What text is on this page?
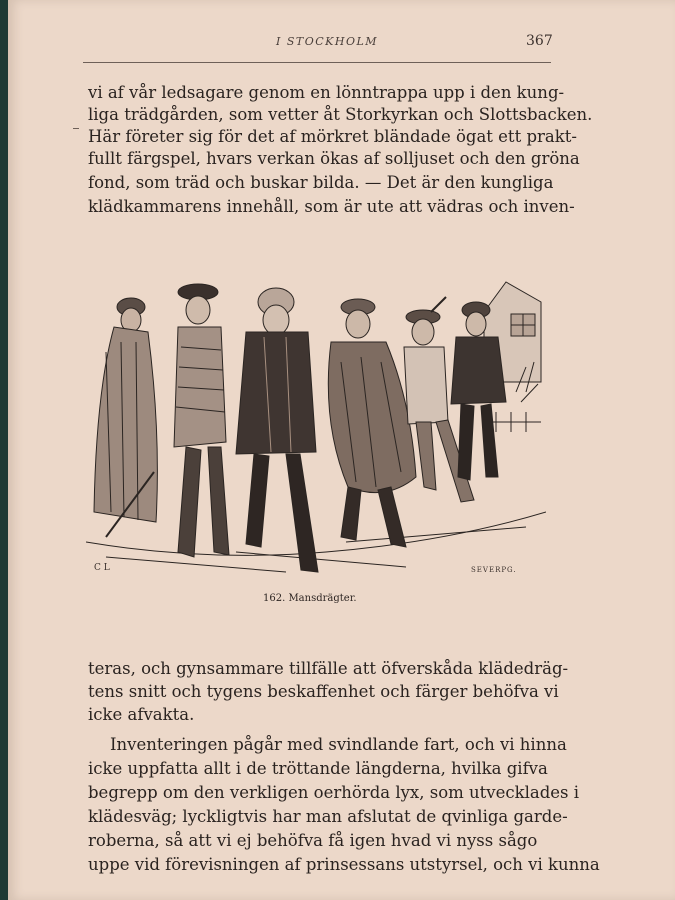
I STOCKHOLM	367
vi af vår ledsagare genom en lönntrappa upp i den kung-
liga trädgården, som vetter åt Storkyrkan och Slottsbacken.
Här företer sig för det af mörkret bländade ögat ett prakt-
fullt färgspel, hvars verkan ökas af solljuset och den gröna
fond, som träd och buskar bilda. — Det är den kungliga
klädkammarens innehåll, som är ute att vädras och inven-
C L	SEVERPG.
162. Mansdrägter.
teras, och gynsammare tillfälle att öfverskåda klädedräg-
tens snitt och tygens beskaffenhet och färger behöfva vi
icke afvakta.
Inventeringen pågår med svindlande fart, och vi hinna
icke uppfatta allt i de tröttande längderna, hvilka gifva
begrepp om den verkligen oerhörda lyx, som utvecklades i
klädesväg; lyckligtvis har man afslutat de qvinliga garde-
roberna, så att vi ej behöfva få igen hvad vi nyss sågo
uppe vid förevisningen af prinsessans utstyrsel, och vi kunna
